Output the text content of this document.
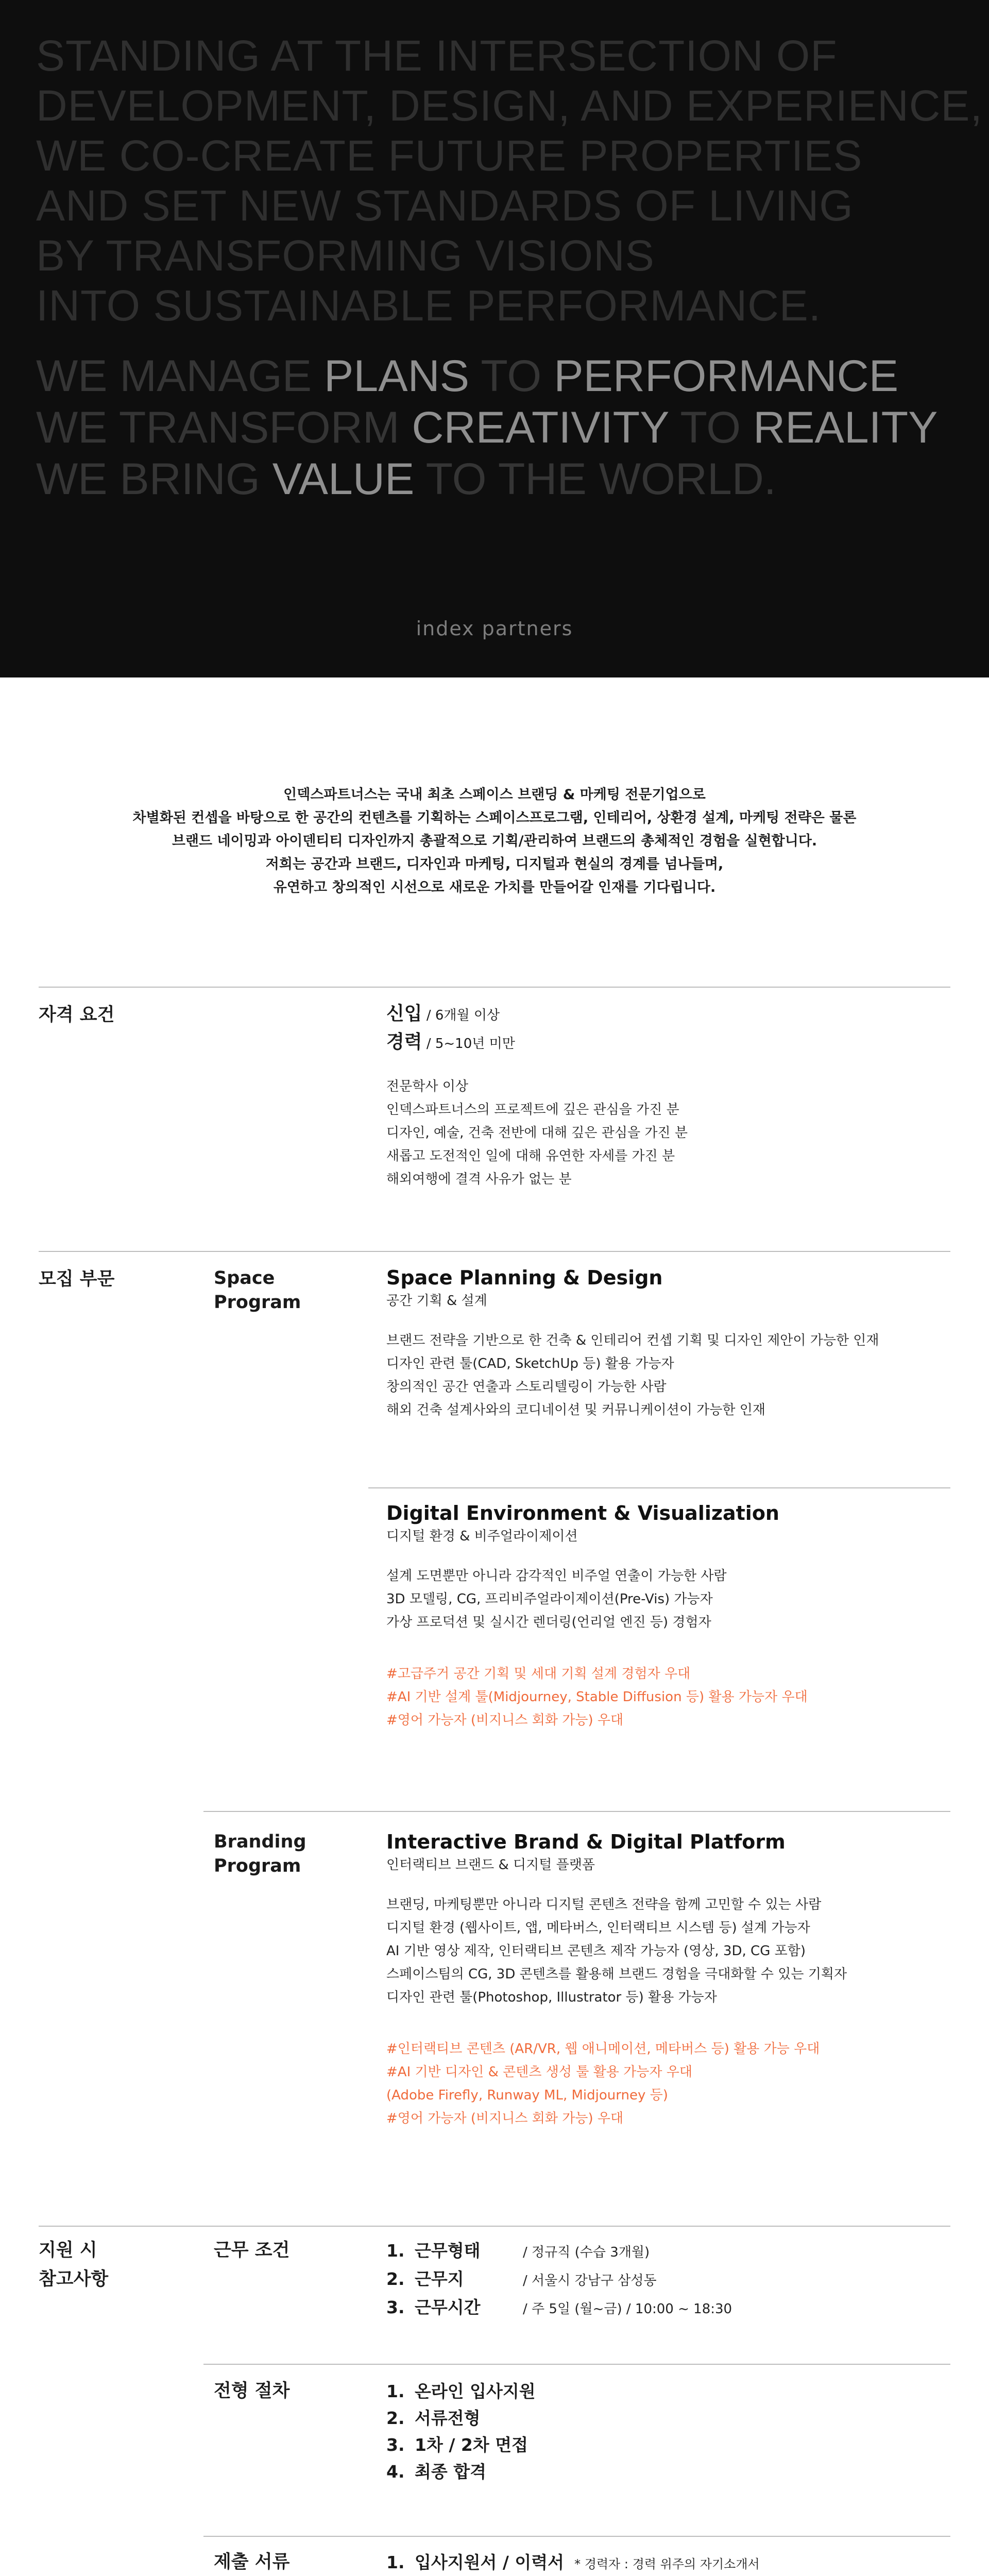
STANDING AT THE INTERSECTION OF
DEVELOPMENT, DESIGN, AND EXPERIENCE,
WE CO-CREATE FUTURE PROPERTIES
AND SET NEW STANDARDS OF LIVING
BY TRANSFORMING VISIONS
INTO SUSTAINABLE PERFORMANCE.
WE MANAGE PLANS TO PERFORMANCE
WE TRANSFORM CREATIVITY TO REALITY
WE BRING VALUE TO THE WORLD.
index partners

인덱스파트너스는 국내 최초 스페이스 브랜딩 & 마케팅 전문기업으로

차별화된 컨셉을 바탕으로 한 공간의 컨텐츠를 기획하는 스페이스프로그램, 인테리어, 상환경 설계, 마케팅 전략은 물론

브랜드 네이밍과 아이덴티티 디자인까지 총괄적으로 기획/관리하여 브랜드의 총체적인 경험을 실현합니다.

저희는 공간과 브랜드, 디자인과 마케팅, 디지털과 현실의 경계를 넘나들며,

유연하고 창의적인 시선으로 새로운 가치를 만들어갈 인재를 기다립니다.

자격 요건	신입 / 6개월 이상
경력 / 5~10년 미만
전문학사 이상
인덱스파트너스의 프로젝트에 깊은 관심을 가진 분
디자인, 예술, 건축 전반에 대해 깊은 관심을 가진 분
새롭고 도전적인 일에 대해 유연한 자세를 가진 분
해외여행에 결격 사유가 없는 분
모집 부문	Space Program
Space Planning & Design
공간 기획 & 설계
브랜드 전략을 기반으로 한 건축 & 인테리어 컨셉 기획 및 디자인 제안이 가능한 인재
디자인 관련 툴(CAD, SketchUp 등) 활용 가능자
창의적인 공간 연출과 스토리텔링이 가능한 사람
해외 건축 설계사와의 코디네이션 및 커뮤니케이션이 가능한 인재
Digital Environment & Visualization
디지털 환경 & 비주얼라이제이션
설계 도면뿐만 아니라 감각적인 비주얼 연출이 가능한 사람
3D 모델링, CG, 프리비주얼라이제이션(Pre-Vis) 가능자
가상 프로덕션 및 실시간 렌더링(언리얼 엔진 등) 경험자
#고급주거 공간 기획 및 세대 기획 설계 경험자 우대
#AI 기반 설계 툴(Midjourney, Stable Diffusion 등) 활용 가능자 우대
#영어 가능자 (비지니스 회화 가능) 우대
Branding Program
Interactive Brand & Digital Platform
인터랙티브 브랜드 & 디지털 플랫폼
브랜딩, 마케팅뿐만 아니라 디지털 콘텐츠 전략을 함께 고민할 수 있는 사람
디지털 환경 (웹사이트, 앱, 메타버스, 인터랙티브 시스템 등) 설계 가능자
AI 기반 영상 제작, 인터랙티브 콘텐츠 제작 가능자 (영상, 3D, CG 포함)
스페이스팀의 CG, 3D 콘텐츠를 활용해 브랜드 경험을 극대화할 수 있는 기획자
디자인 관련 툴(Photoshop, Illustrator 등) 활용 가능자
#인터랙티브 콘텐츠 (AR/VR, 웹 애니메이션, 메타버스 등) 활용 가능 우대
#AI 기반 디자인 & 콘텐츠 생성 툴 활용 가능자 우대
(Adobe Firefly, Runway ML, Midjourney 등)
#영어 가능자 (비지니스 회화 가능) 우대
지원 시
참고사항
근무 조건	1. 근무형태	/ 정규직 (수습 3개월)
2. 근무지	/ 서울시 강남구 삼성동
3. 근무시간	/ 주 5일 (월~금) / 10:00 ~ 18:30
전형 절차	1. 온라인 입사지원
2. 서류전형
3. 1차 / 2차 면접
4. 최종 합격
제출 서류	1. 입사지원서 / 이력서 * 경력자 : 경력 위주의 자기소개서
